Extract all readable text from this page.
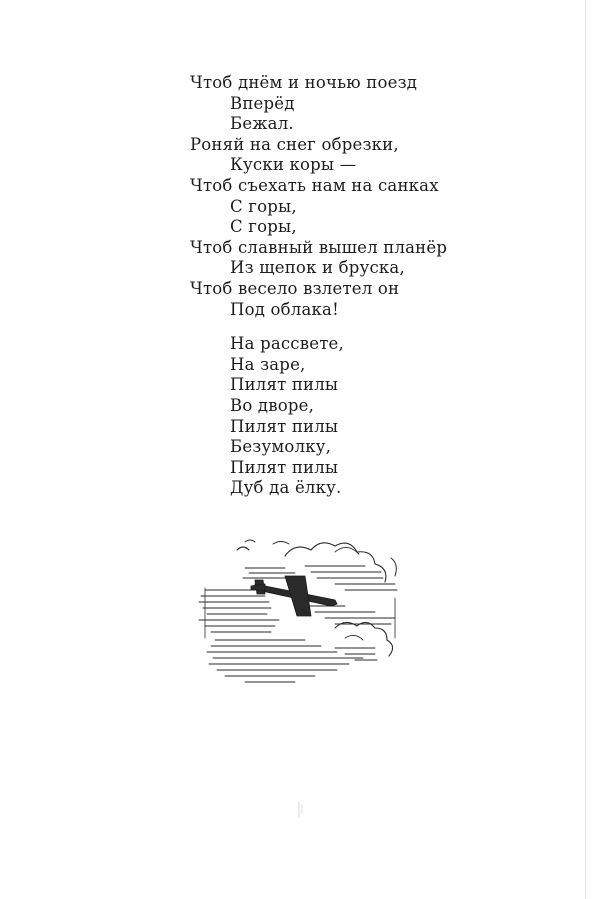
Чтоб днём и ночью поезд
Вперёд
Бежал.
Роняй на снег обрезки,
Куски коры —
Чтоб съехать нам на санках
С горы,
С горы,
Чтоб славный вышел планёр
Из щепок и бруска,
Чтоб весело взлетел он
Под облака!
На рассвете,
На заре,
Пилят пилы
Во дворе,
Пилят пилы
Безумолку,
Пилят пилы
Дуб да ёлку.
